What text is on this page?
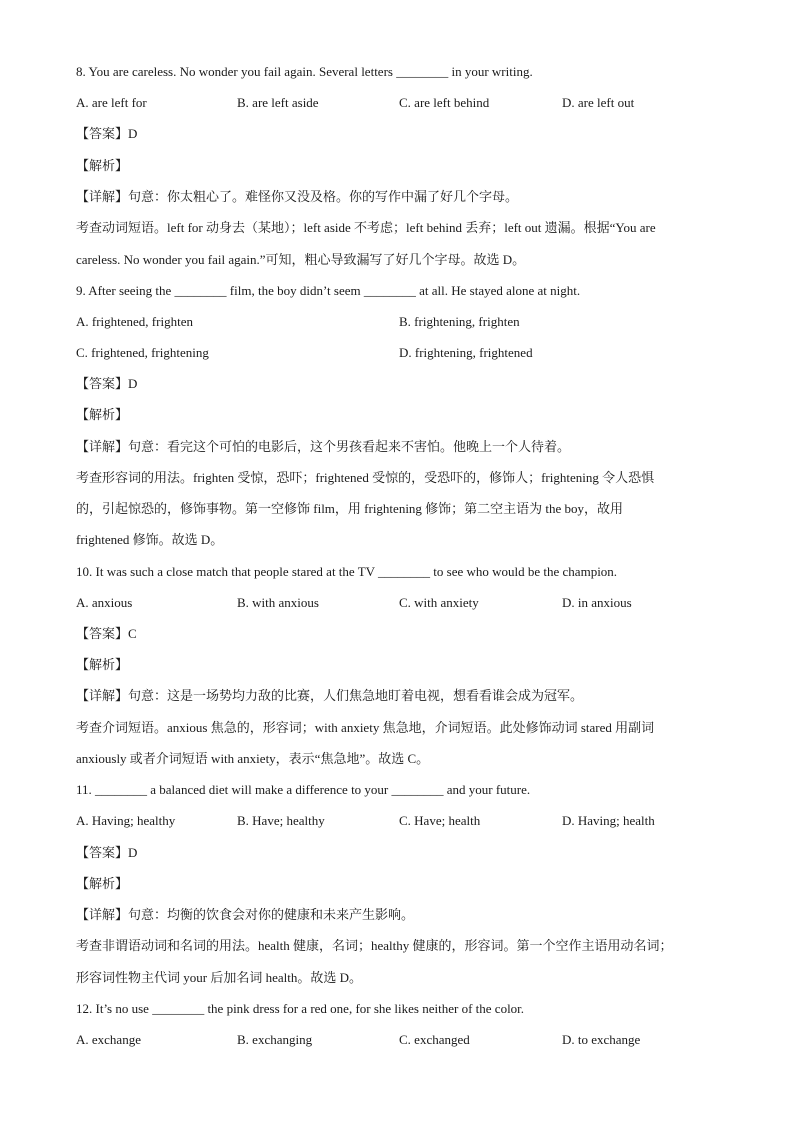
8. You are careless. No wonder you fail again. Several letters ________ in your writing.
A. are left for	B. are left aside	C. are left behind	D. are left out
【答案】D
【解析】
【详解】句意：你太粗心了。难怪你又没及格。你的写作中漏了好几个字母。
考查动词短语。left for 动身去（某地）；left aside 不考虑；left behind 丢弃；left out 遗漏。根据“You are
careless. No wonder you fail again.”可知，粗心导致漏写了好几个字母。故选 D。
9. After seeing the ________ film, the boy didn’t seem ________ at all. He stayed alone at night.
A. frightened, frighten	B. frightening, frighten
C. frightened, frightening	D. frightening, frightened
【答案】D
【解析】
【详解】句意：看完这个可怕的电影后，这个男孩看起来不害怕。他晚上一个人待着。
考查形容词的用法。frighten 受惊，恐吓；frightened 受惊的，受恐吓的，修饰人；frightening 令人恐惧
的，引起惊恐的，修饰事物。第一空修饰 film，用 frightening 修饰；第二空主语为 the boy，故用
frightened 修饰。故选 D。
10. It was such a close match that people stared at the TV ________ to see who would be the champion.
A. anxious	B. with anxious	C. with anxiety	D. in anxious
【答案】C
【解析】
【详解】句意：这是一场势均力敌的比赛，人们焦急地盯着电视，想看看谁会成为冠军。
考查介词短语。anxious 焦急的，形容词；with anxiety 焦急地，介词短语。此处修饰动词 stared 用副词
anxiously 或者介词短语 with anxiety，表示“焦急地”。故选 C。
11. ________ a balanced diet will make a difference to your ________ and your future.
A. Having; healthy	B. Have; healthy	C. Have; health	D. Having; health
【答案】D
【解析】
【详解】句意：均衡的饮食会对你的健康和未来产生影响。
考查非谓语动词和名词的用法。health 健康，名词；healthy 健康的，形容词。第一个空作主语用动名词；
形容词性物主代词 your 后加名词 health。故选 D。
12. It’s no use ________ the pink dress for a red one, for she likes neither of the color.
A. exchange	B. exchanging	C. exchanged	D. to exchange
